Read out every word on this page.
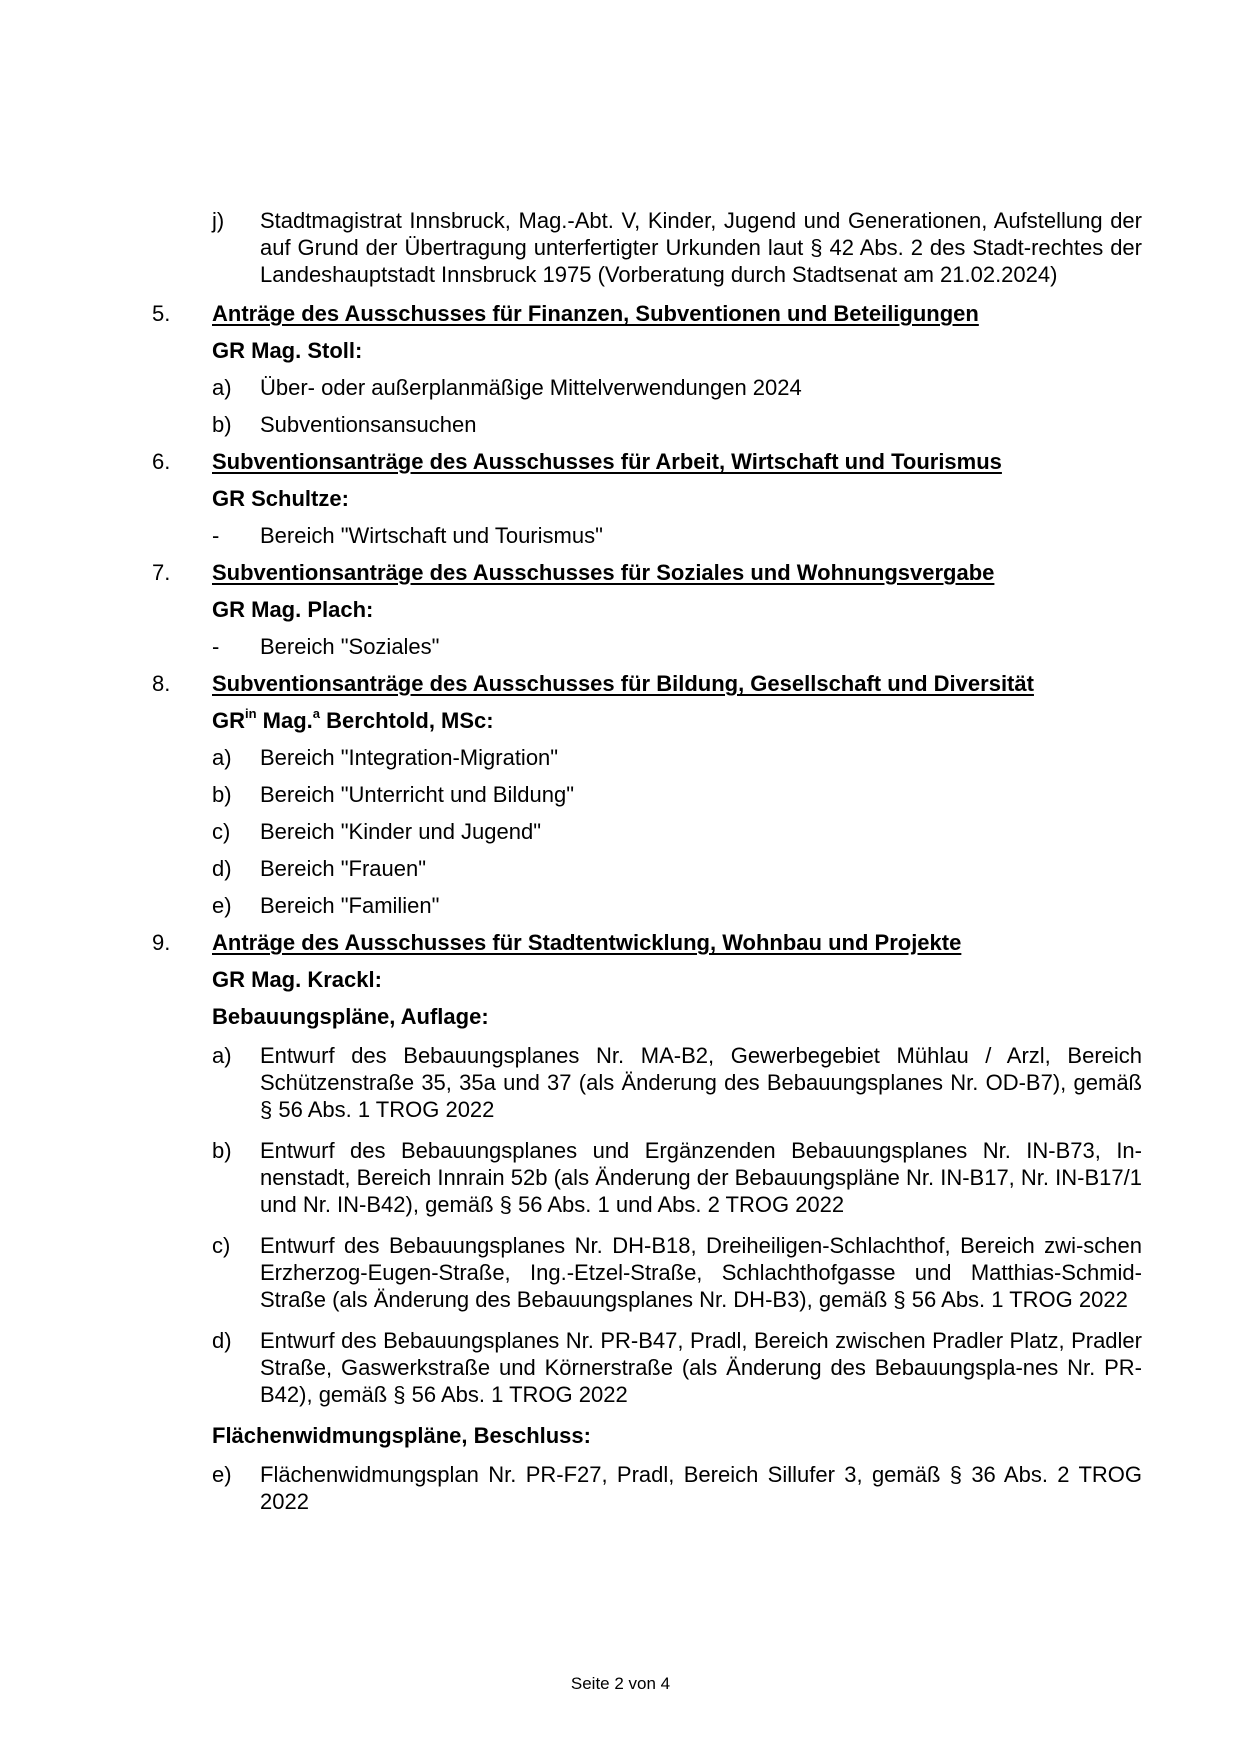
j)	Stadtmagistrat Innsbruck, Mag.-Abt. V, Kinder, Jugend und Generationen, Aufstellung der auf Grund der Übertragung unterfertigter Urkunden laut § 42 Abs. 2 des Stadt-rechtes der Landeshauptstadt Innsbruck 1975 (Vorberatung durch Stadtsenat am 21.02.2024)
5. Anträge des Ausschusses für Finanzen, Subventionen und Beteiligungen
GR Mag. Stoll:
a)	Über- oder außerplanmäßige Mittelverwendungen 2024
b)	Subventionsansuchen
6. Subventionsanträge des Ausschusses für Arbeit, Wirtschaft und Tourismus
GR Schultze:
-	Bereich "Wirtschaft und Tourismus"
7. Subventionsanträge des Ausschusses für Soziales und Wohnungsvergabe
GR Mag. Plach:
-	Bereich "Soziales"
8. Subventionsanträge des Ausschusses für Bildung, Gesellschaft und Diversität
$GR^{in}$ Mag.$^a$ Berchtold, MSc:
a)	Bereich "Integration-Migration"
b)	Bereich "Unterricht und Bildung"
c)	Bereich "Kinder und Jugend"
d)	Bereich "Frauen"
e)	Bereich "Familien"
9. Anträge des Ausschusses für Stadtentwicklung, Wohnbau und Projekte
GR Mag. Krackl:
Bebauungspläne, Auflage:
a)	Entwurf des Bebauungsplanes Nr. MA-B2, Gewerbegebiet Mühlau / Arzl, Bereich Schützenstraße 35, 35a und 37 (als Änderung des Bebauungsplanes Nr. OD-B7), gemäß § 56 Abs. 1 TROG 2022
b)	Entwurf des Bebauungsplanes und Ergänzenden Bebauungsplanes Nr. IN-B73, In-nenstadt, Bereich Innrain 52b (als Änderung der Bebauungspläne Nr. IN-B17, Nr. IN-B17/1 und Nr. IN-B42), gemäß § 56 Abs. 1 und Abs. 2 TROG 2022
c)	Entwurf des Bebauungsplanes Nr. DH-B18, Dreiheiligen-Schlachthof, Bereich zwi-schen Erzherzog-Eugen-Straße, Ing.-Etzel-Straße, Schlachthofgasse und Matthias-Schmid-Straße (als Änderung des Bebauungsplanes Nr. DH-B3), gemäß § 56 Abs. 1 TROG 2022
d)	Entwurf des Bebauungsplanes Nr. PR-B47, Pradl, Bereich zwischen Pradler Platz, Pradler Straße, Gaswerkstraße und Körnerstraße (als Änderung des Bebauungspla-nes Nr. PR-B42), gemäß § 56 Abs. 1 TROG 2022
Flächenwidmungspläne, Beschluss:
e)	Flächenwidmungsplan Nr. PR-F27, Pradl, Bereich Sillufer 3, gemäß § 36 Abs. 2 TROG 2022
Seite 2 von 4
